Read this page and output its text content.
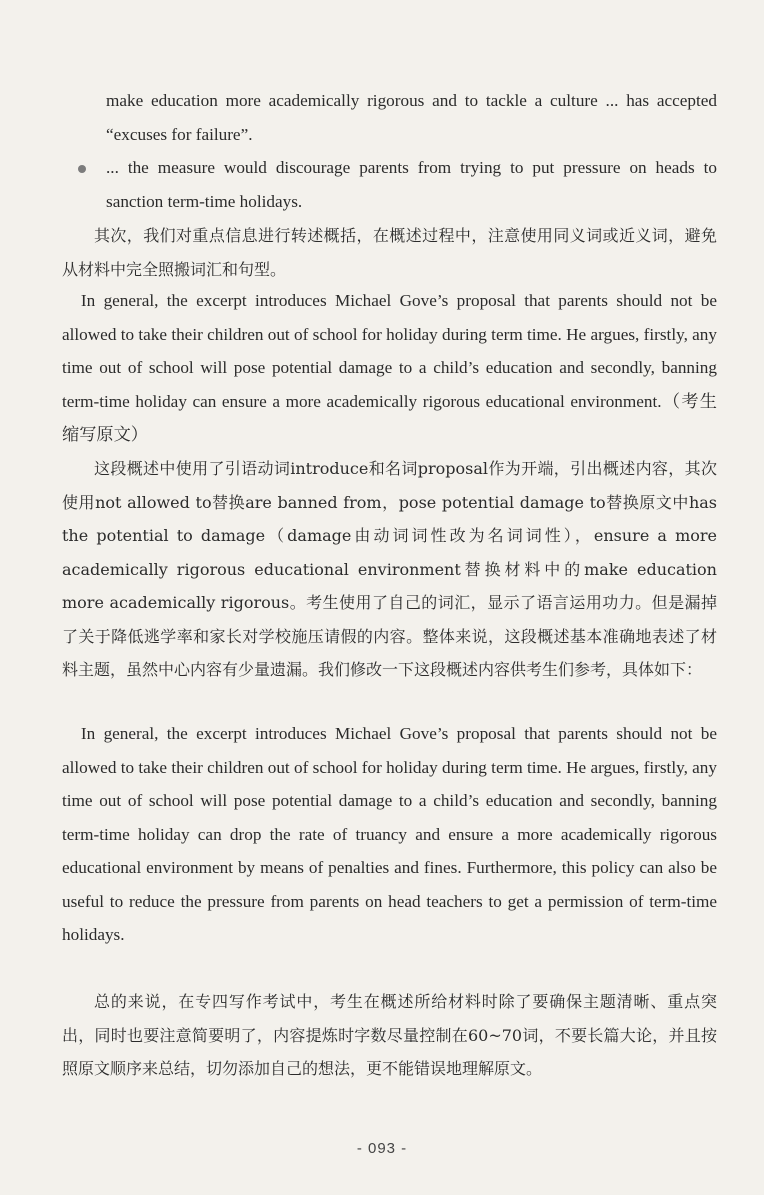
make education more academically rigorous and to tackle a culture ... has accepted “excuses for failure”.
... the measure would discourage parents from trying to put pressure on heads to sanction term-time holidays.
其次，我们对重点信息进行转述概括，在概述过程中，注意使用同义词或近义词，避免从材料中完全照搬词汇和句型。
In general, the excerpt introduces Michael Gove’s proposal that parents should not be allowed to take their children out of school for holiday during term time. He argues, firstly, any time out of school will pose potential damage to a child’s education and secondly, banning term-time holiday can ensure a more academically rigorous educational environment.（考生缩写原文）
这段概述中使用了引语动词introduce和名词proposal作为开端，引出概述内容，其次使用not allowed to替换are banned from，pose potential damage to替换原文中has the potential to damage（damage由动词词性改为名词词性），ensure a more academically rigorous educational environment替换材料中的make education more academically rigorous。考生使用了自己的词汇，显示了语言运用功力。但是漏掉了关于降低逃学率和家长对学校施压请假的内容。整体来说，这段概述基本准确地表述了材料主题，虽然中心内容有少量遗漏。我们修改一下这段概述内容供考生们参考，具体如下：
In general, the excerpt introduces Michael Gove’s proposal that parents should not be allowed to take their children out of school for holiday during term time. He argues, firstly, any time out of school will pose potential damage to a child’s education and secondly, banning term-time holiday can drop the rate of truancy and ensure a more academically rigorous educational environment by means of penalties and fines. Furthermore, this policy can also be useful to reduce the pressure from parents on head teachers to get a permission of term-time holidays.
总的来说，在专四写作考试中，考生在概述所给材料时除了要确保主题清晰、重点突出，同时也要注意简要明了，内容提炼时字数尽量控制在60~70词，不要长篇大论，并且按照原文顺序来总结，切勿添加自己的想法，更不能错误地理解原文。
- 093 -
